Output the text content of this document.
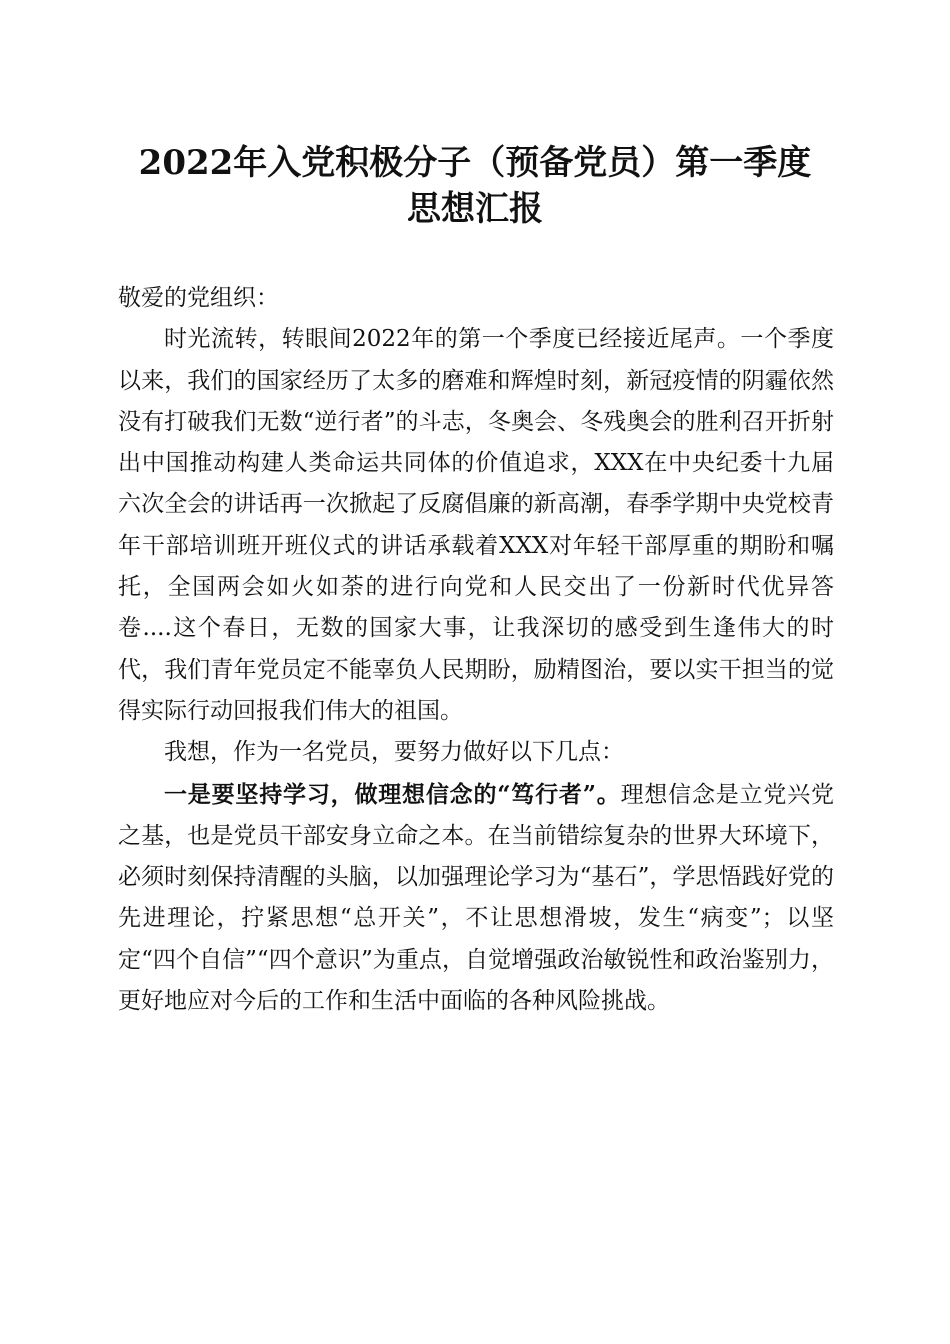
2022年入党积极分子（预备党员）第一季度
思想汇报

敬爱的党组织：

时光流转，转眼间2022年的第一个季度已经接近尾声。一个季度以来，我们的国家经历了太多的磨难和辉煌时刻，新冠疫情的阴霾依然没有打破我们无数“逆行者”的斗志，冬奥会、冬残奥会的胜利召开折射出中国推动构建人类命运共同体的价值追求，XXX在中央纪委十九届六次全会的讲话再一次掀起了反腐倡廉的新高潮，春季学期中央党校青年干部培训班开班仪式的讲话承载着XXX对年轻干部厚重的期盼和嘱托，全国两会如火如荼的进行向党和人民交出了一份新时代优异答卷....这个春日，无数的国家大事，让我深切的感受到生逢伟大的时代，我们青年党员定不能辜负人民期盼，励精图治，要以实干担当的觉得实际行动回报我们伟大的祖国。

我想，作为一名党员，要努力做好以下几点：

一是要坚持学习，做理想信念的“笃行者”。理想信念是立党兴党之基，也是党员干部安身立命之本。在当前错综复杂的世界大环境下，必须时刻保持清醒的头脑，以加强理论学习为“基石”，学思悟践好党的先进理论，拧紧思想“总开关”，不让思想滑坡，发生“病变”；以坚定“四个自信”“四个意识”为重点，自觉增强政治敏锐性和政治鉴别力，更好地应对今后的工作和生活中面临的各种风险挑战。
